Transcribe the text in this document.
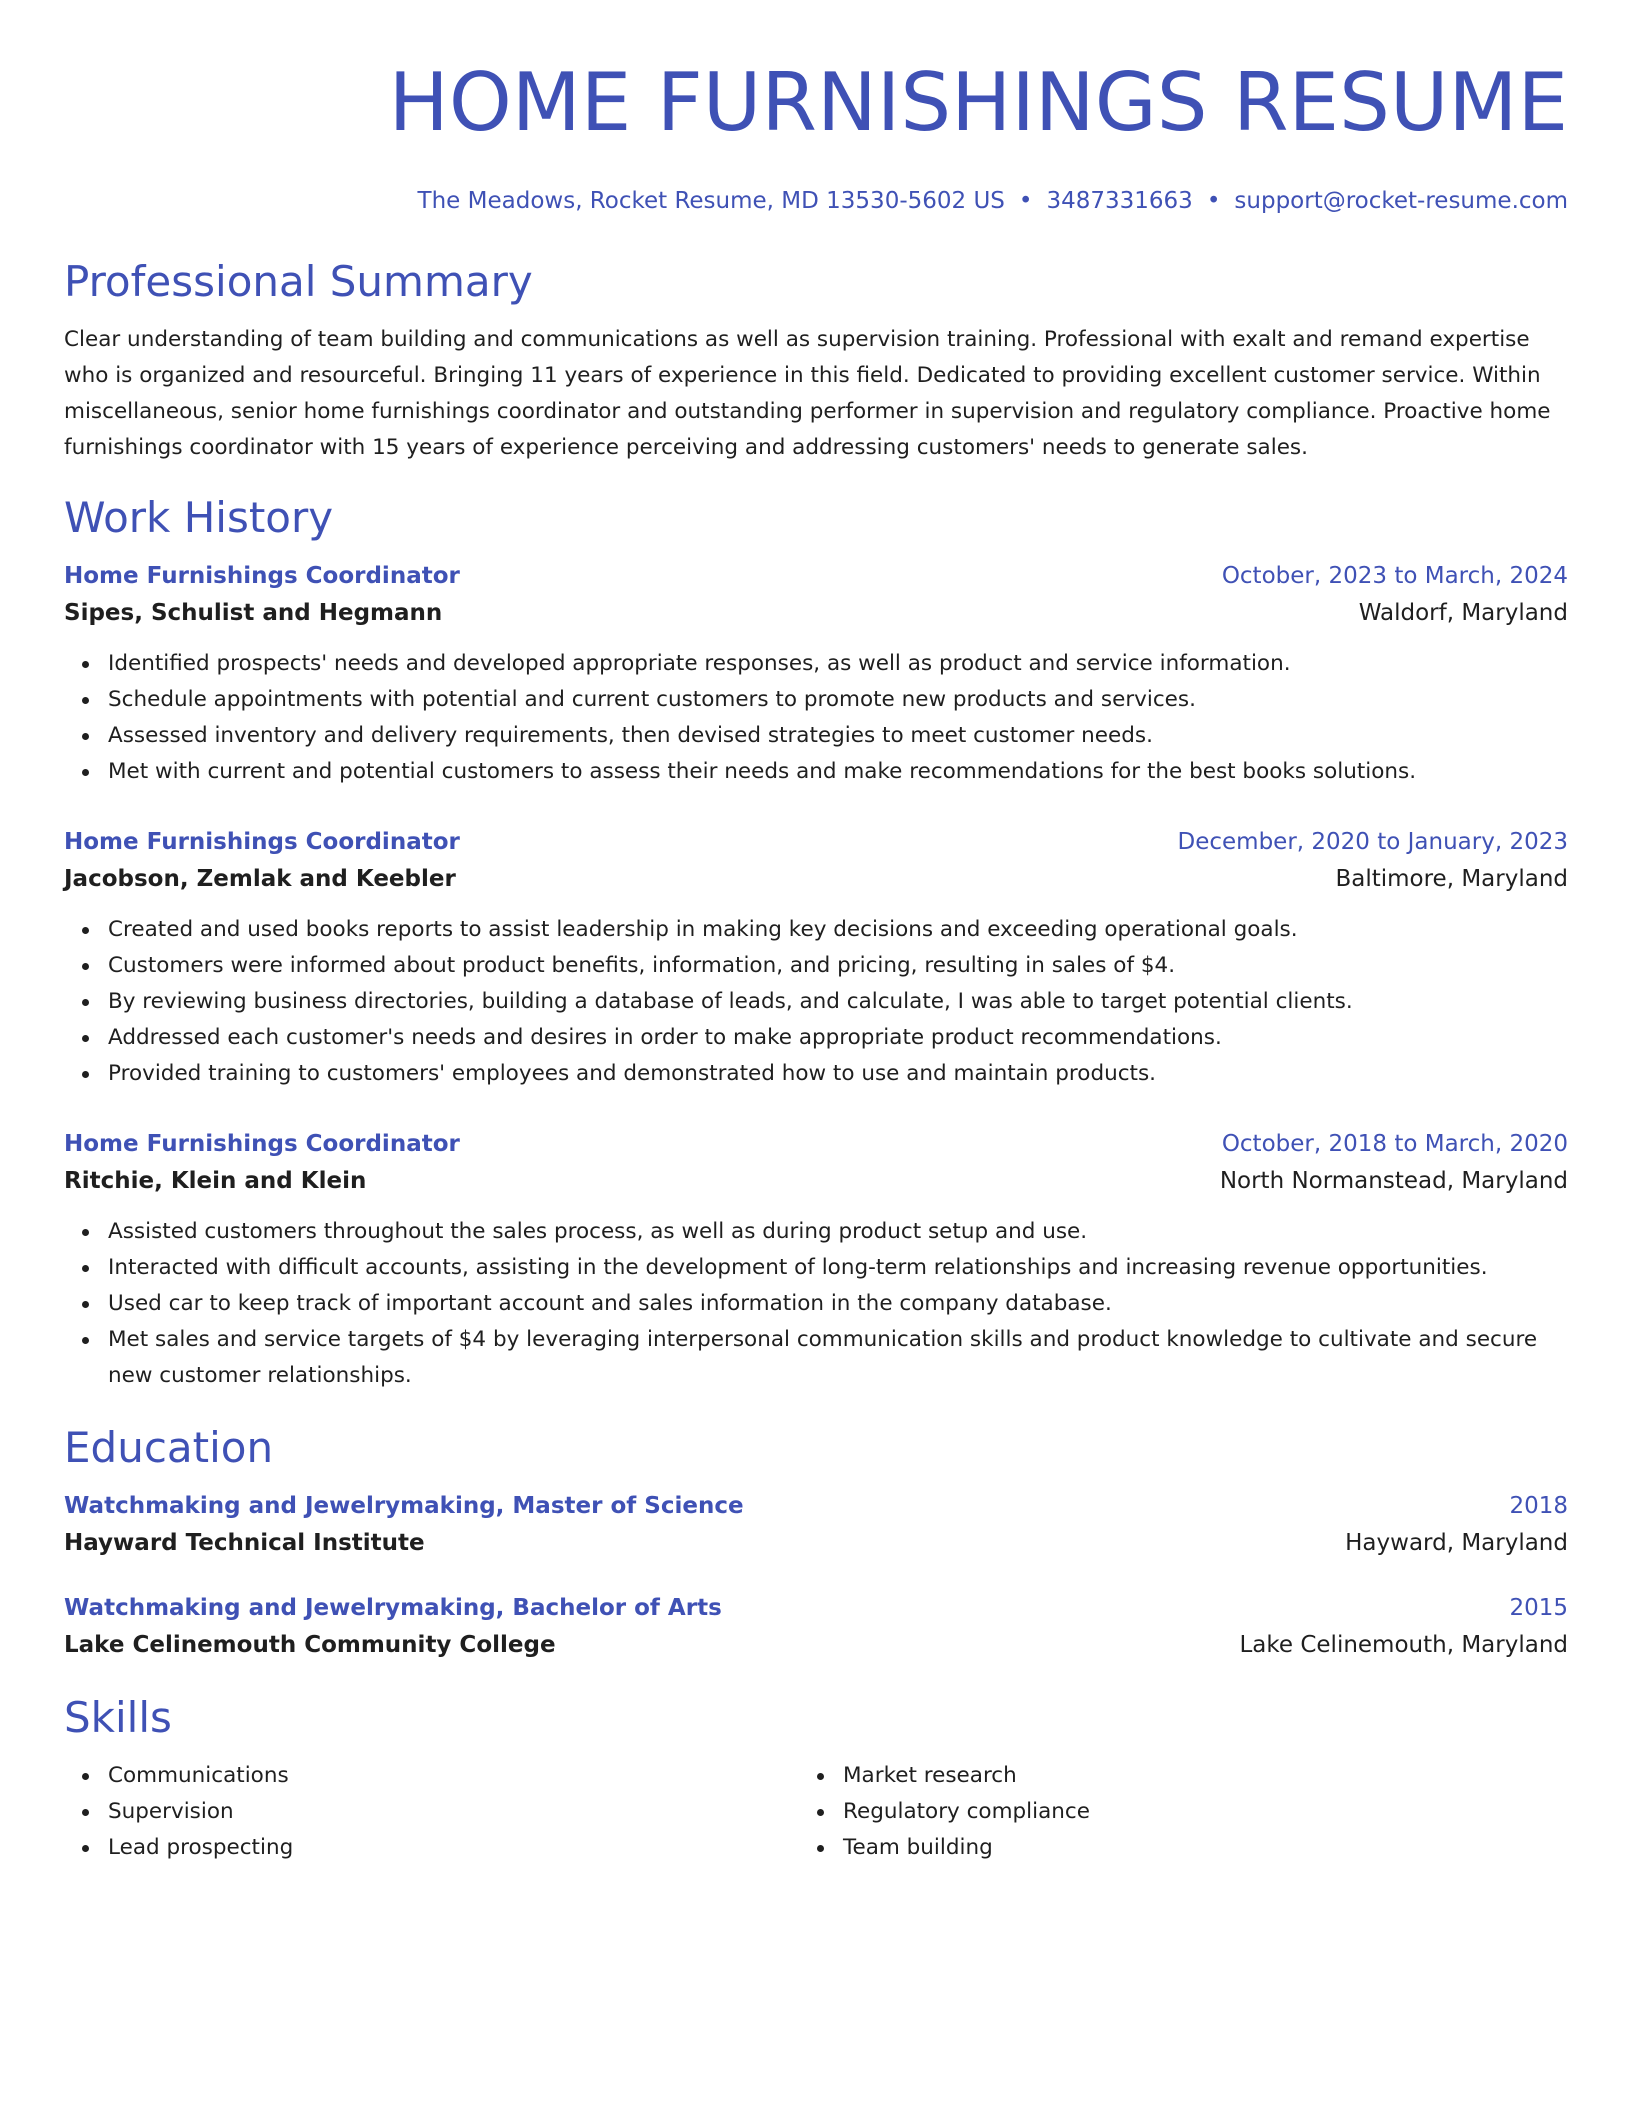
HOME FURNISHINGS RESUME
The Meadows, Rocket Resume, MD 13530-5602 US • 3487331663 • support@rocket-resume.com
Professional Summary

Clear understanding of team building and communications as well as supervision training. Professional with exalt and remand expertise who is organized and resourceful. Bringing 11 years of experience in this field. Dedicated to providing excellent customer service. Within miscellaneous, senior home furnishings coordinator and outstanding performer in supervision and regulatory compliance. Proactive home furnishings coordinator with 15 years of experience perceiving and addressing customers' needs to generate sales.

Work History
Home Furnishings Coordinator	October, 2023 to March, 2024
Sipes, Schulist and Hegmann	Waldorf, Maryland
Identified prospects' needs and developed appropriate responses, as well as product and service information.
Schedule appointments with potential and current customers to promote new products and services.
Assessed inventory and delivery requirements, then devised strategies to meet customer needs.
Met with current and potential customers to assess their needs and make recommendations for the best books solutions.
Home Furnishings Coordinator	December, 2020 to January, 2023
Jacobson, Zemlak and Keebler	Baltimore, Maryland
Created and used books reports to assist leadership in making key decisions and exceeding operational goals.
Customers were informed about product benefits, information, and pricing, resulting in sales of $4.
By reviewing business directories, building a database of leads, and calculate, I was able to target potential clients.
Addressed each customer's needs and desires in order to make appropriate product recommendations.
Provided training to customers' employees and demonstrated how to use and maintain products.
Home Furnishings Coordinator	October, 2018 to March, 2020
Ritchie, Klein and Klein	North Normanstead, Maryland
Assisted customers throughout the sales process, as well as during product setup and use.
Interacted with difficult accounts, assisting in the development of long-term relationships and increasing revenue opportunities.
Used car to keep track of important account and sales information in the company database.
Met sales and service targets of $4 by leveraging interpersonal communication skills and product knowledge to cultivate and secure new customer relationships.
Education
Watchmaking and Jewelrymaking, Master of Science	2018
Hayward Technical Institute	Hayward, Maryland
Watchmaking and Jewelrymaking, Bachelor of Arts	2015
Lake Celinemouth Community College	Lake Celinemouth, Maryland
Skills
Communications
Supervision
Lead prospecting
Market research
Regulatory compliance
Team building
